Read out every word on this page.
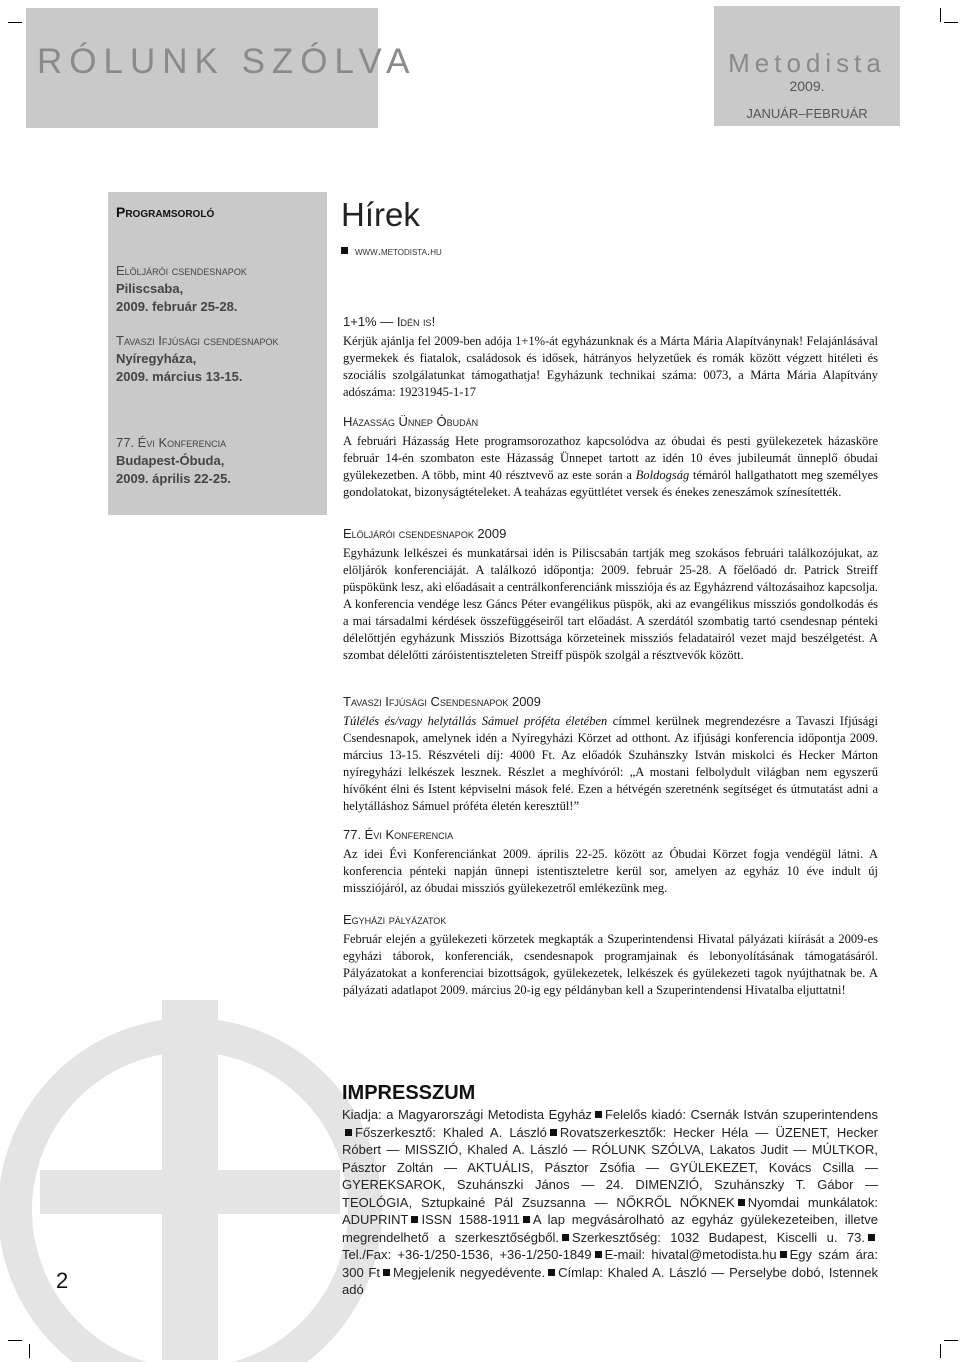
RÓLUNK SZÓLVA	Metodista
2009.
JANUÁR–FEBRUÁR
Programsoroló
Elöljárói csendesnapok
Piliscsaba,
2009. február 25-28.
Tavaszi Ifjúsági csendesnapok
Nyíregyháza,
2009. március 13-15.
77. Évi Konferencia
Budapest-Óbuda,
2009. április 22-25.
Hírek
www.metodista.hu
1+1% — Idén is!

Kérjük ajánlja fel 2009-ben adója 1+1%-át egyházunknak és a Márta Mária Alapítványnak! Felajánlásával gyermekek és fiatalok, családosok és idősek, hátrányos helyzetűek és romák között végzett hitéleti és szociális szolgálatunkat támogathatja! Egyházunk technikai száma: 0073, a Márta Mária Alapítvány adószáma: 19231945-1-17

Házasság Ünnep Óbudán

A februári Házasság Hete programsorozathoz kapcsolódva az óbudai és pesti gyülekezetek házasköre február 14-én szombaton este Házasság Ünnepet tartott az idén 10 éves jubileumát ünneplő óbudai gyülekezetben. A több, mint 40 résztvevő az este során a Boldogság témáról hallgathatott meg személyes gondolatokat, bizonyságtételeket. A teaházas együttlétet versek és énekes zeneszámok színesítették.

Elöljárói csendesnapok 2009

Egyházunk lelkészei és munkatársai idén is Piliscsabán tartják meg szokásos februári találkozójukat, az elöljárók konferenciáját. A találkozó időpontja: 2009. február 25-28. A főelőadó dr. Patrick Streiff püspökünk lesz, aki előadásait a centrálkonferenciánk missziója és az Egyházrend változásaihoz kapcsolja. A konferencia vendége lesz Gáncs Péter evangélikus püspök, aki az evangélikus missziós gondolkodás és a mai társadalmi kérdések összefüggéseiről tart előadást. A szerdától szombatig tartó csendesnap pénteki délelőttjén egyházunk Missziós Bizottsága körzeteinek missziós feladatairól vezet majd beszélgetést. A szombat délelőtti záróistentiszteleten Streiff püspök szolgál a résztvevők között.

Tavaszi Ifjúsági Csendesnapok 2009

Túlélés és/vagy helytállás Sámuel próféta életében címmel kerülnek megrendezésre a Tavaszi Ifjúsági Csendesnapok, amelynek idén a Nyíregyházi Körzet ad otthont. Az ifjúsági konferencia időpontja 2009. március 13-15. Részvételi díj: 4000 Ft. Az előadók Szuhánszky István miskolci és Hecker Márton nyíregyházi lelkészek lesznek. Részlet a meghívóról: „A mostani felbolydult világban nem egyszerű hívőként élni és Istent képviselni mások felé. Ezen a hétvégén szeretnénk segítséget és útmutatást adni a helytálláshoz Sámuel próféta életén keresztül!”

77. Évi Konferencia

Az idei Évi Konferenciánkat 2009. április 22-25. között az Óbudai Körzet fogja vendégül látni. A konferencia pénteki napján ünnepi istentiszteletre kerül sor, amelyen az egyház 10 éve indult új missziójáról, az óbudai missziós gyülekezetről emlékezünk meg.

Egyházi pályázatok

Február elején a gyülekezeti körzetek megkapták a Szuperintendensi Hivatal pályázati kiírását a 2009-es egyházi táborok, konferenciák, csendesnapok programjainak és lebonyolításának támogatásáról. Pályázatokat a konferenciai bizottságok, gyülekezetek, lelkészek és gyülekezeti tagok nyújthatnak be. A pályázati adatlapot 2009. március 20-ig egy példányban kell a Szuperintendensi Hivatalba eljuttatni!

IMPRESSZUM
Kiadja: a Magyarországi Metodista Egyház Felelős kiadó: Csernák István szuperintendensFőszerkesztő: Khaled A. László Rovatszerkesztők: Hecker Héla — ÜZENET, Hecker Róbert — MISSZIÓ, Khaled A. László — RÓLUNK SZÓLVA, Lakatos Judit — MÚLTKOR, Pásztor Zoltán — AKTUÁLIS, Pásztor Zsófia — GYÜLEKEZET, Kovács Csilla — GYEREKSAROK, Szuhánszki János — 24. DIMENZIÓ, Szuhánszky T. Gábor — TEOLÓGIA, Sztupkainé Pál Zsuzsanna — NŐKRŐL NŐKNEK Nyomdai munkálatok: ADUPRINT ISSN 1588-1911 A lap megvásárolható az egyház gyülekezeteiben, illetve megrendelhető a szerkesztőségből. Szerkesztőség: 1032 Budapest, Kiscelli u. 73.Tel./Fax: +36-1/250-1536, +36-1/250-1849 E-mail: hivatal@metodista.hu Egy szám ára: 300 Ft Megjelenik negyedévente. Címlap: Khaled A. László — Perselybe dobó, Istennek adó
2
